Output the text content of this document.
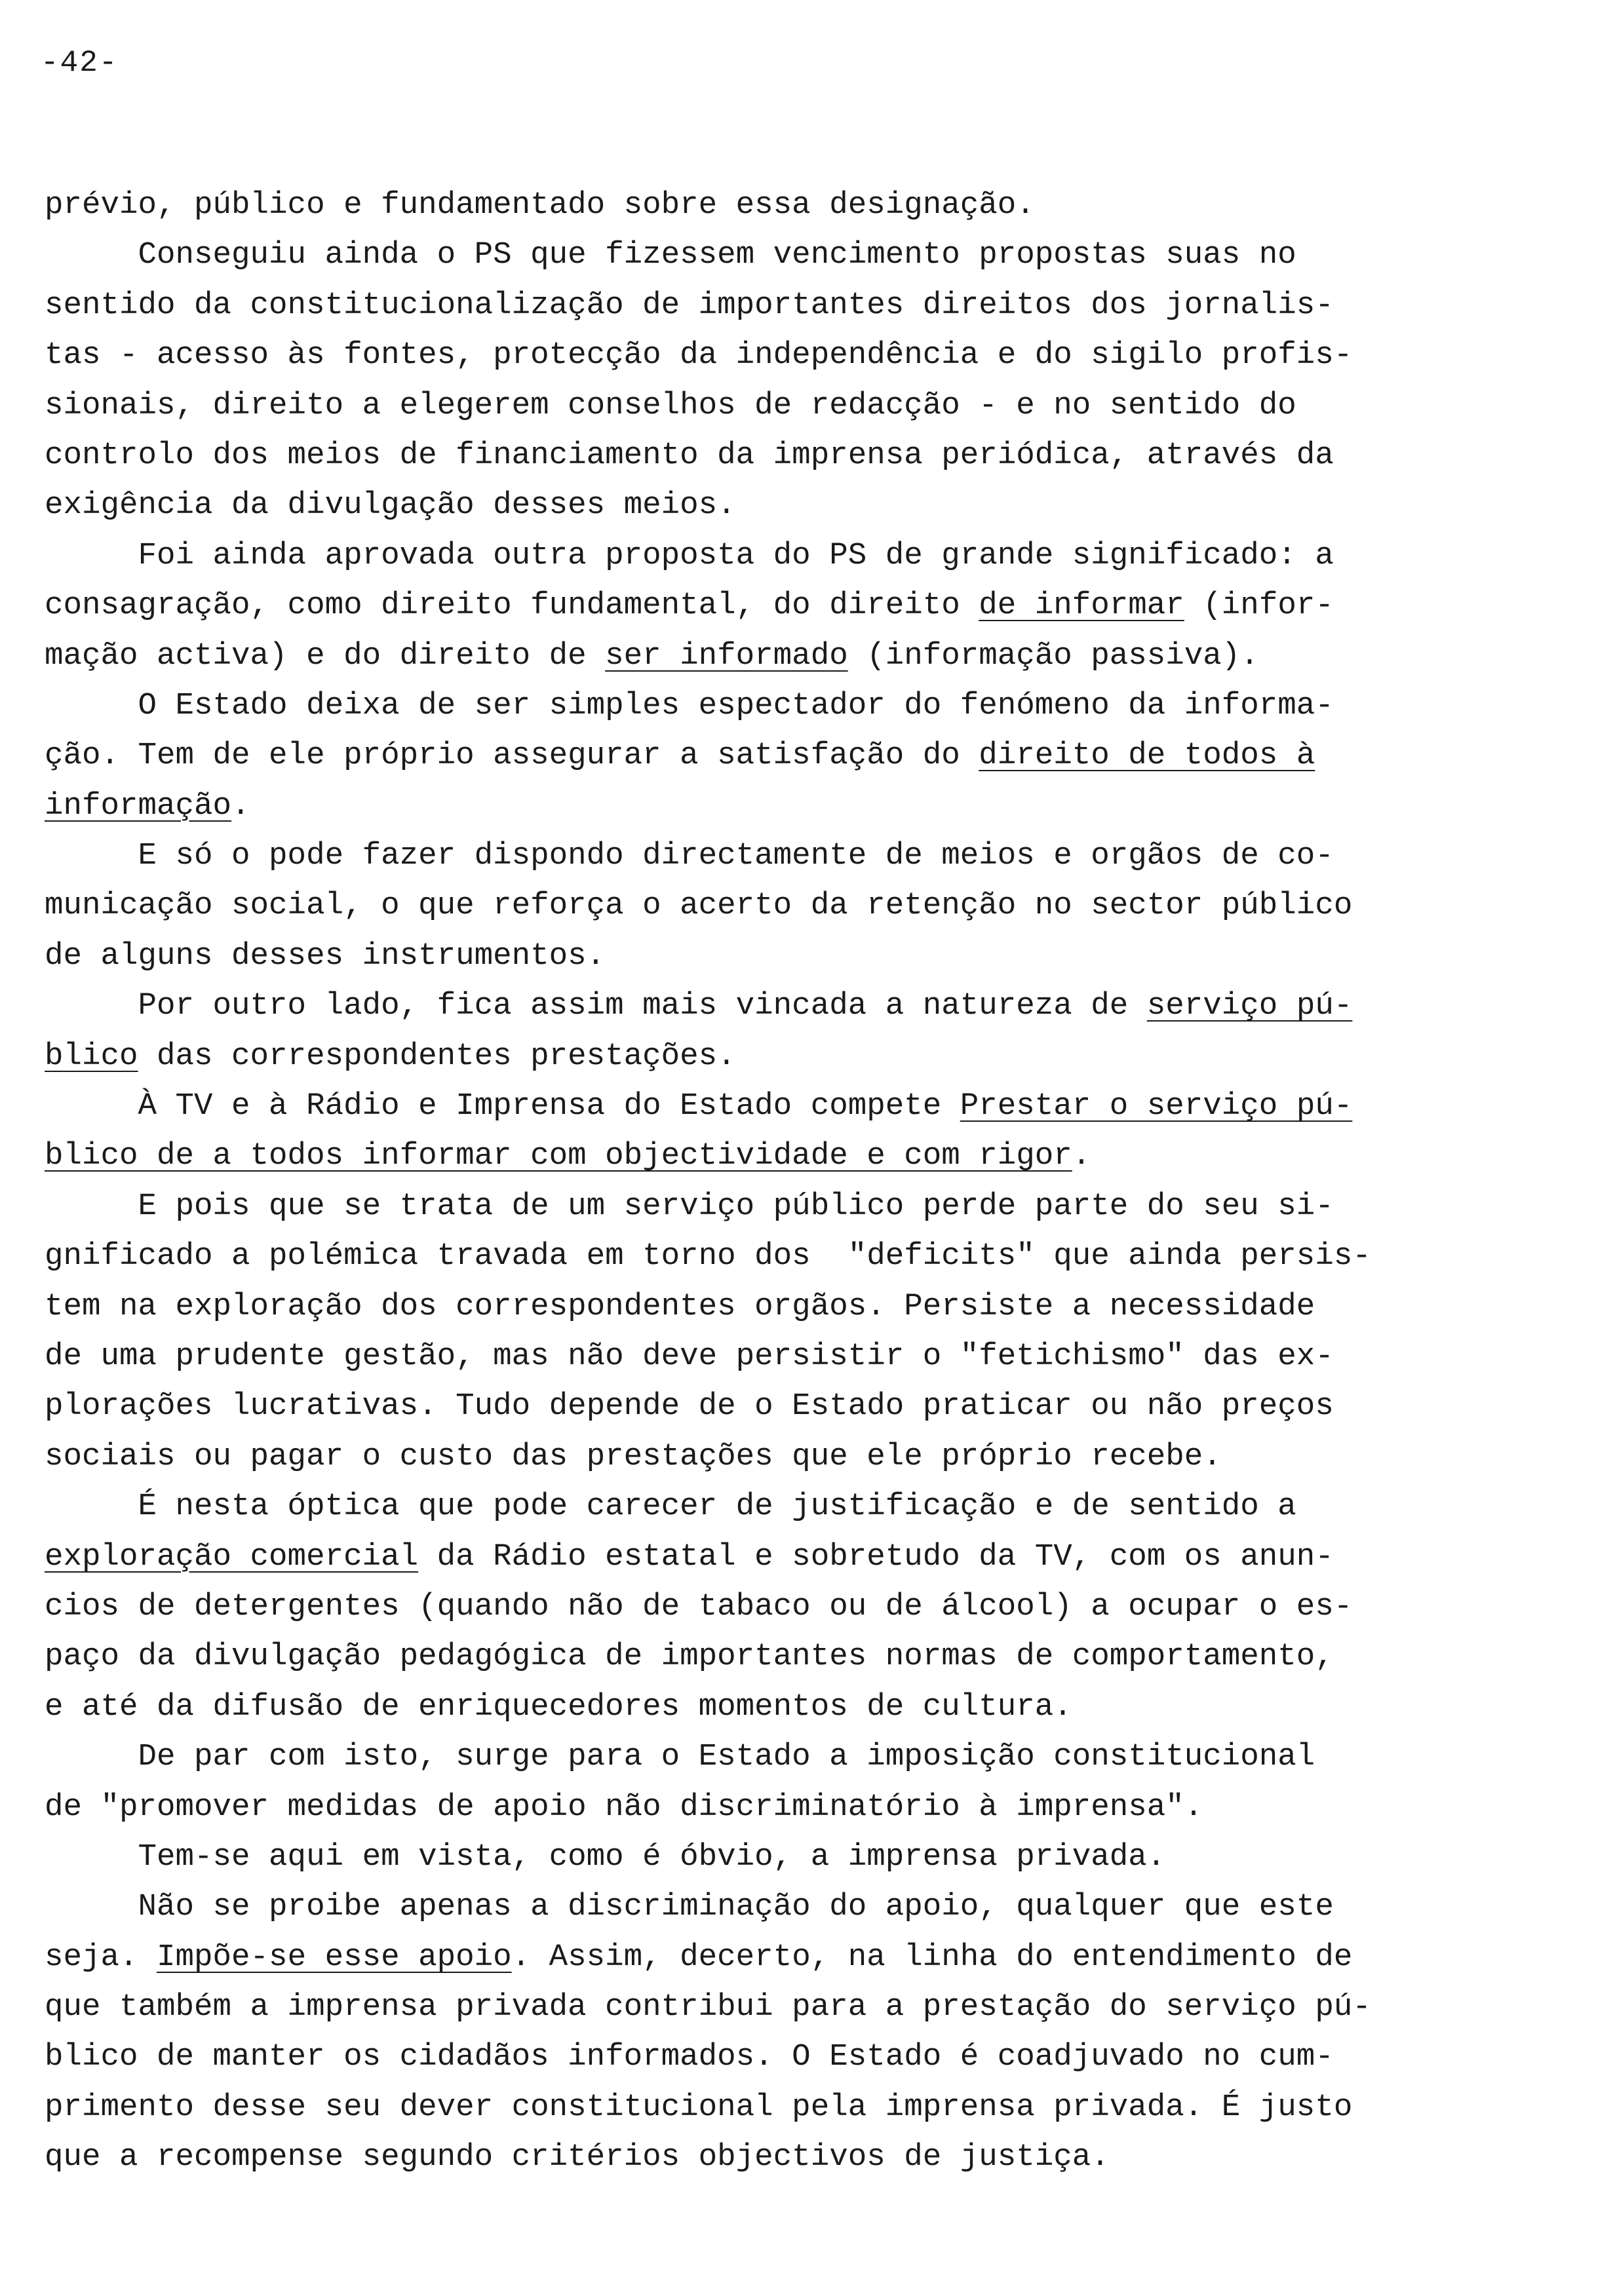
-42-
prévio, público e fundamentado sobre essa designação.
Conseguiu ainda o PS que fizessem vencimento propostas suas no
sentido da constitucionalização de importantes direitos dos jornalis-
tas - acesso às fontes, protecção da independência e do sigilo profis-
sionais, direito a elegerem conselhos de redacção - e no sentido do
controlo dos meios de financiamento da imprensa periódica, através da
exigência da divulgação desses meios.
Foi ainda aprovada outra proposta do PS de grande significado: a
consagração, como direito fundamental, do direito de informar (infor-
mação activa) e do direito de ser informado (informação passiva).
O Estado deixa de ser simples espectador do fenómeno da informa-
ção. Tem de ele próprio assegurar a satisfação do direito de todos à
informação.
E só o pode fazer dispondo directamente de meios e orgãos de co-
municação social, o que reforça o acerto da retenção no sector público
de alguns desses instrumentos.
Por outro lado, fica assim mais vincada a natureza de serviço pú-
blico das correspondentes prestações.
À TV e à Rádio e Imprensa do Estado compete Prestar o serviço pú-
blico de a todos informar com objectividade e com rigor.
E pois que se trata de um serviço público perde parte do seu si-
gnificado a polémica travada em torno dos  "deficits" que ainda persis-
tem na exploração dos correspondentes orgãos. Persiste a necessidade
de uma prudente gestão, mas não deve persistir o "fetichismo" das ex-
plorações lucrativas. Tudo depende de o Estado praticar ou não preços
sociais ou pagar o custo das prestações que ele próprio recebe.
É nesta óptica que pode carecer de justificação e de sentido a
exploração comercial da Rádio estatal e sobretudo da TV, com os anun-
cios de detergentes (quando não de tabaco ou de álcool) a ocupar o es-
paço da divulgação pedagógica de importantes normas de comportamento,
e até da difusão de enriquecedores momentos de cultura.
De par com isto, surge para o Estado a imposição constitucional
de "promover medidas de apoio não discriminatório à imprensa".
Tem-se aqui em vista, como é óbvio, a imprensa privada.
Não se proibe apenas a discriminação do apoio, qualquer que este
seja. Impõe-se esse apoio. Assim, decerto, na linha do entendimento de
que também a imprensa privada contribui para a prestação do serviço pú-
blico de manter os cidadãos informados. O Estado é coadjuvado no cum-
primento desse seu dever constitucional pela imprensa privada. É justo
que a recompense segundo critérios objectivos de justiça.
